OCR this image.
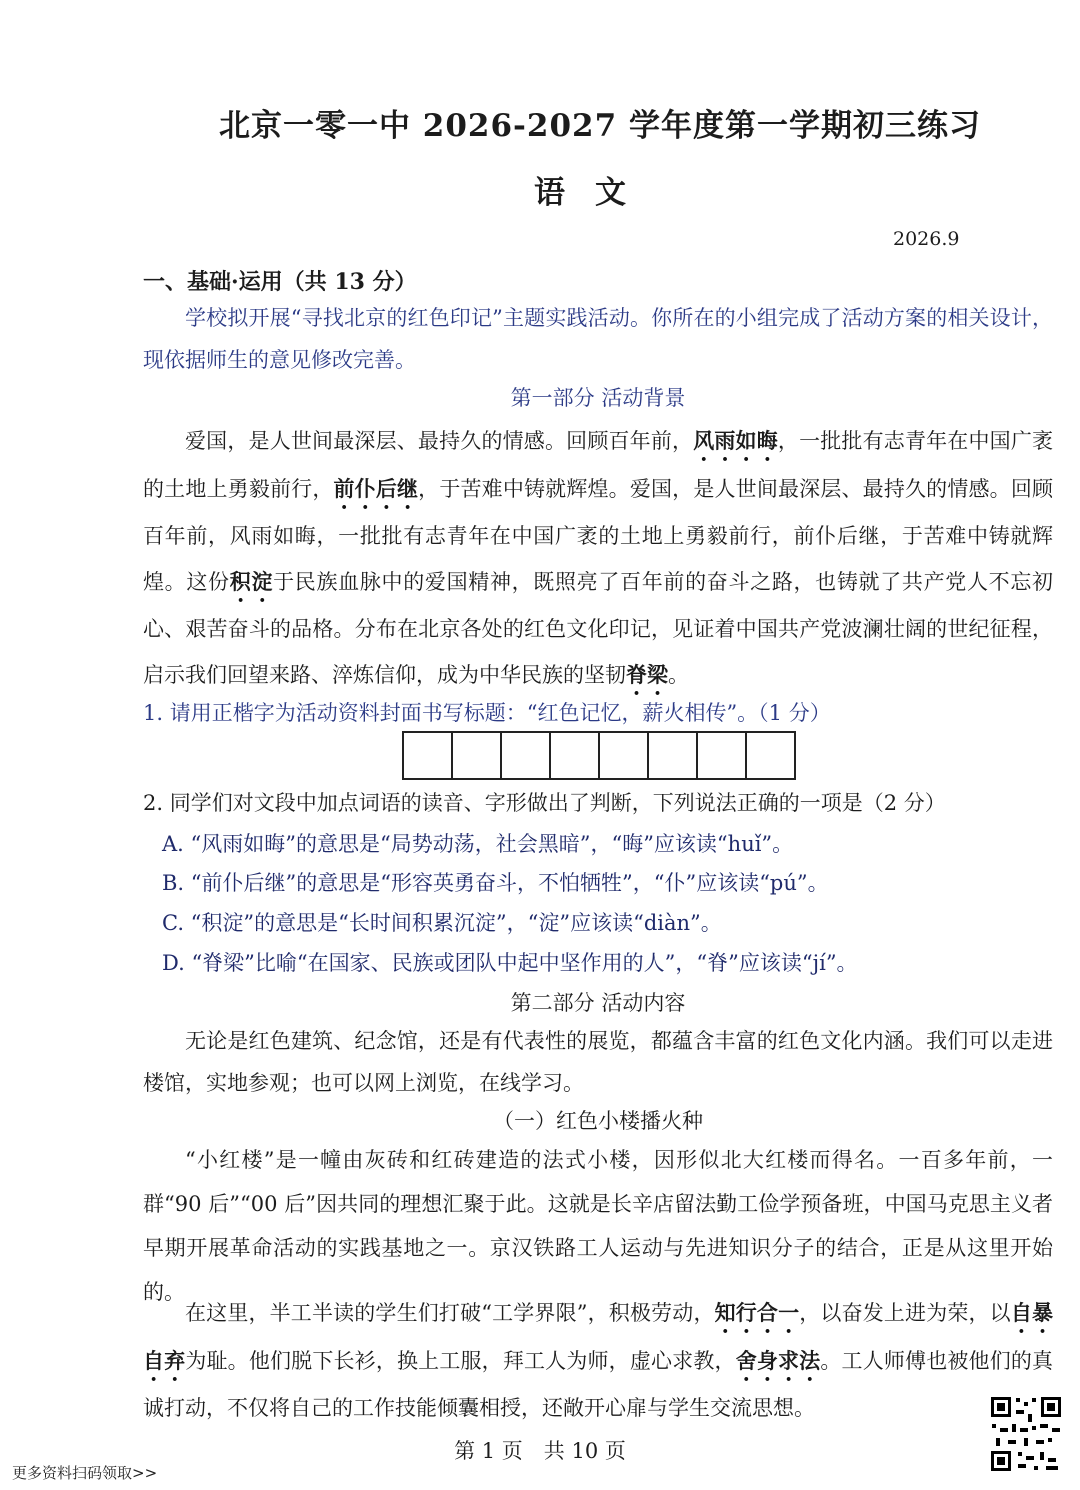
北京一零一中 2026-2027 学年度第一学期初三练习
语文
2026.9
一、基础·运用（共 13 分）

学校拟开展“寻找北京的红色印记”主题实践活动。你所在的小组完成了活动方案的相关设计，现依据师生的意见修改完善。

第一部分 活动背景

爱国，是人世间最深层、最持久的情感。回顾百年前，风雨如晦，一批批有志青年在中国广袤的土地上勇毅前行，前仆后继，于苦难中铸就辉煌。爱国，是人世间最深层、最持久的情感。回顾百年前，风雨如晦，一批批有志青年在中国广袤的土地上勇毅前行，前仆后继，于苦难中铸就辉煌。这份积淀于民族血脉中的爱国精神，既照亮了百年前的奋斗之路，也铸就了共产党人不忘初心、艰苦奋斗的品格。分布在北京各处的红色文化印记，见证着中国共产党波澜壮阔的世纪征程，启示我们回望来路、淬炼信仰，成为中华民族的坚韧脊梁。

1. 请用正楷字为活动资料封面书写标题：“红色记忆，薪火相传”。（1 分）
2. 同学们对文段中加点词语的读音、字形做出了判断，下列说法正确的一项是（2 分）
A. “风雨如晦”的意思是“局势动荡，社会黑暗”，“晦”应该读“huǐ”。
B. “前仆后继”的意思是“形容英勇奋斗，不怕牺牲”，“仆”应该读“pú”。
C. “积淀”的意思是“长时间积累沉淀”，“淀”应该读“diàn”。
D. “脊梁”比喻“在国家、民族或团队中起中坚作用的人”，“脊”应该读“jí”。
第二部分 活动内容

无论是红色建筑、纪念馆，还是有代表性的展览，都蕴含丰富的红色文化内涵。我们可以走进楼馆，实地参观；也可以网上浏览，在线学习。

（一）红色小楼播火种

“小红楼”是一幢由灰砖和红砖建造的法式小楼，因形似北大红楼而得名。一百多年前，一群“90 后”“00 后”因共同的理想汇聚于此。这就是长辛店留法勤工俭学预备班，中国马克思主义者早期开展革命活动的实践基地之一。京汉铁路工人运动与先进知识分子的结合，正是从这里开始的。

在这里，半工半读的学生们打破“工学界限”，积极劳动，知行合一，以奋发上进为荣，以自暴自弃为耻。他们脱下长衫，换上工服，拜工人为师，虚心求教，舍身求法。工人师傅也被他们的真诚打动，不仅将自己的工作技能倾囊相授，还敞开心扉与学生交流思想。

第 1 页　共 10 页
更多资料扫码领取>>
